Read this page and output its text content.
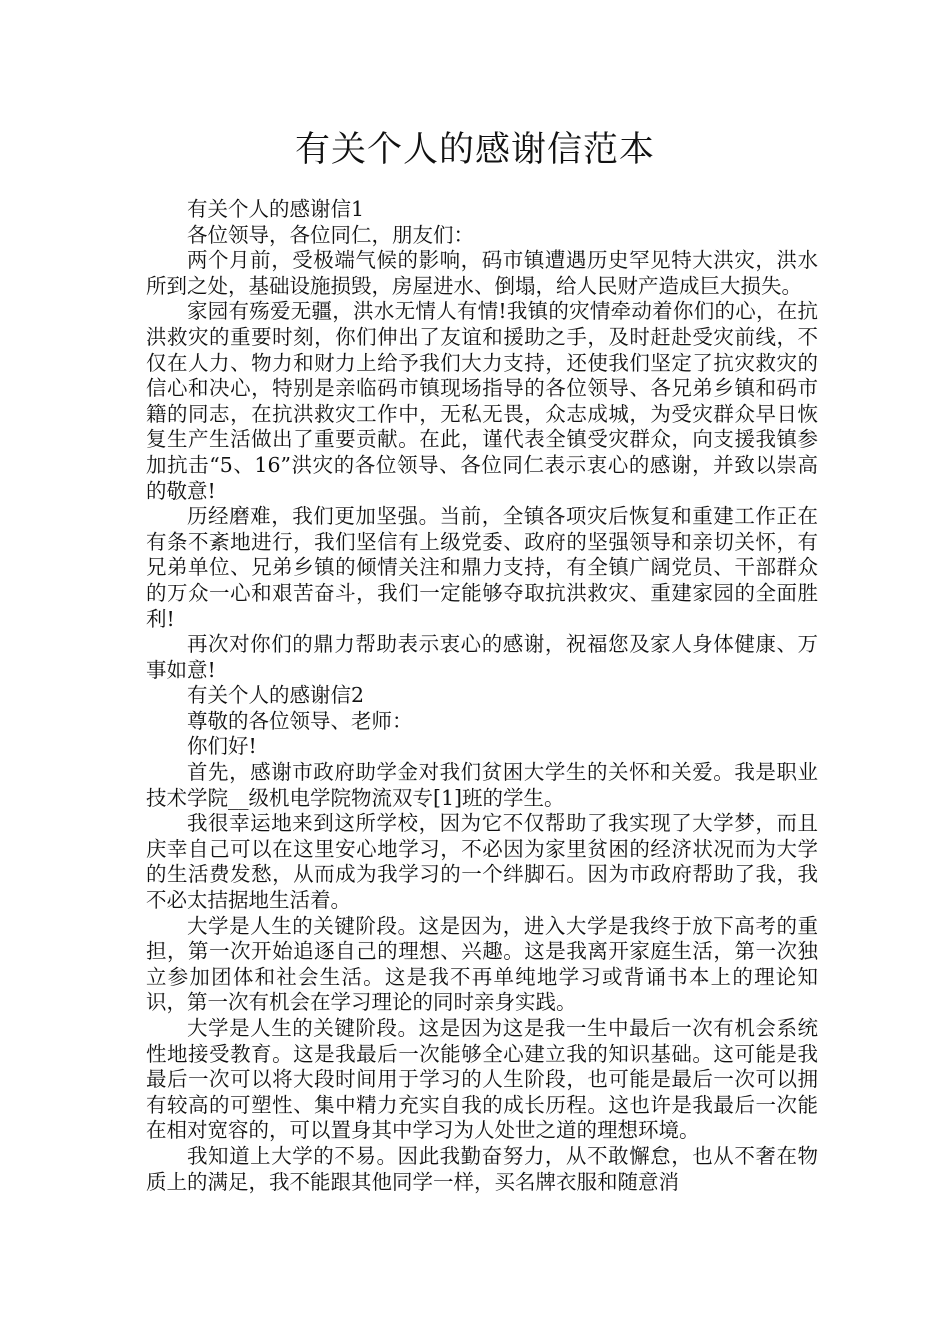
有关个人的感谢信范本

有关个人的感谢信1

各位领导，各位同仁，朋友们：

两个月前，受极端气候的影响，码市镇遭遇历史罕见特大洪灾，洪水所到之处，基础设施损毁，房屋进水、倒塌，给人民财产造成巨大损失。

家园有殇爱无疆，洪水无情人有情!我镇的灾情牵动着你们的心，在抗洪救灾的重要时刻，你们伸出了友谊和援助之手，及时赶赴受灾前线，不仅在人力、物力和财力上给予我们大力支持，还使我们坚定了抗灾救灾的信心和决心，特别是亲临码市镇现场指导的各位领导、各兄弟乡镇和码市籍的同志，在抗洪救灾工作中，无私无畏，众志成城，为受灾群众早日恢复生产生活做出了重要贡献。在此，谨代表全镇受灾群众，向支援我镇参加抗击“5、16”洪灾的各位领导、各位同仁表示衷心的感谢，并致以崇高的敬意!

历经磨难，我们更加坚强。当前，全镇各项灾后恢复和重建工作正在有条不紊地进行，我们坚信有上级党委、政府的坚强领导和亲切关怀，有兄弟单位、兄弟乡镇的倾情关注和鼎力支持，有全镇广阔党员、干部群众的万众一心和艰苦奋斗，我们一定能够夺取抗洪救灾、重建家园的全面胜利!

再次对你们的鼎力帮助表示衷心的感谢，祝福您及家人身体健康、万事如意!

有关个人的感谢信2

尊敬的各位领导、老师：

你们好!

首先，感谢市政府助学金对我们贫困大学生的关怀和关爱。我是职业技术学院__级机电学院物流双专[1]班的学生。

我很幸运地来到这所学校，因为它不仅帮助了我实现了大学梦，而且庆幸自己可以在这里安心地学习，不必因为家里贫困的经济状况而为大学的生活费发愁，从而成为我学习的一个绊脚石。因为市政府帮助了我，我不必太拮据地生活着。

大学是人生的关键阶段。这是因为，进入大学是我终于放下高考的重担，第一次开始追逐自己的理想、兴趣。这是我离开家庭生活，第一次独立参加团体和社会生活。这是我不再单纯地学习或背诵书本上的理论知识，第一次有机会在学习理论的同时亲身实践。

大学是人生的关键阶段。这是因为这是我一生中最后一次有机会系统性地接受教育。这是我最后一次能够全心建立我的知识基础。这可能是我最后一次可以将大段时间用于学习的人生阶段，也可能是最后一次可以拥有较高的可塑性、集中精力充实自我的成长历程。这也许是我最后一次能在相对宽容的，可以置身其中学习为人处世之道的理想环境。

我知道上大学的不易。因此我勤奋努力，从不敢懈怠，也从不奢在物质上的满足，我不能跟其他同学一样，买名牌衣服和随意消
